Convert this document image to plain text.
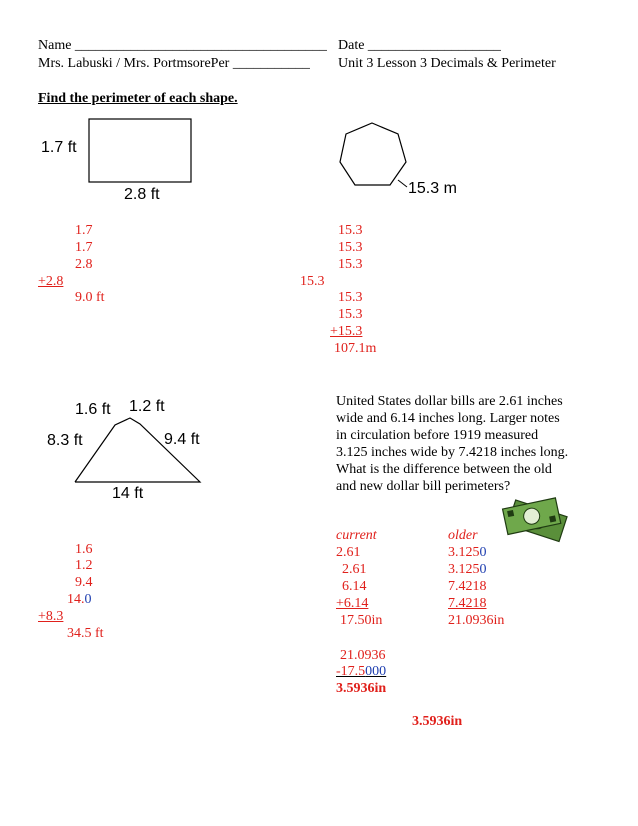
Name ____________________________________ Date ___________________
Mrs. Labuski / Mrs. PortmsorePer ___________ Unit 3 Lesson 3 Decimals & Perimeter
Find the perimeter of each shape.
1.7 ft
2.8 ft
1.7
1.7
2.8
+2.8
9.0 ft
15.3 m
15.3
15.3
15.3
15.3
15.3
15.3
+15.3
107.1m
1.6 ft 1.2 ft
8.3 ft	9.4 ft
14 ft
1.6
1.2
9.4
14.0
+8.3
34.5 ft
United States dollar bills are 2.61 inches wide and 6.14 inches long. Larger notes in circulation before 1919 measured 3.125 inches wide by 7.4218 inches long. What is the difference between the old and new dollar bill perimeters?
current	older
2.61
2.61
6.14
+6.14
17.50in
3.1250
3.1250
7.4218
7.4218
21.0936in
21.0936
-17.5000
3.5936in
3.5936in
